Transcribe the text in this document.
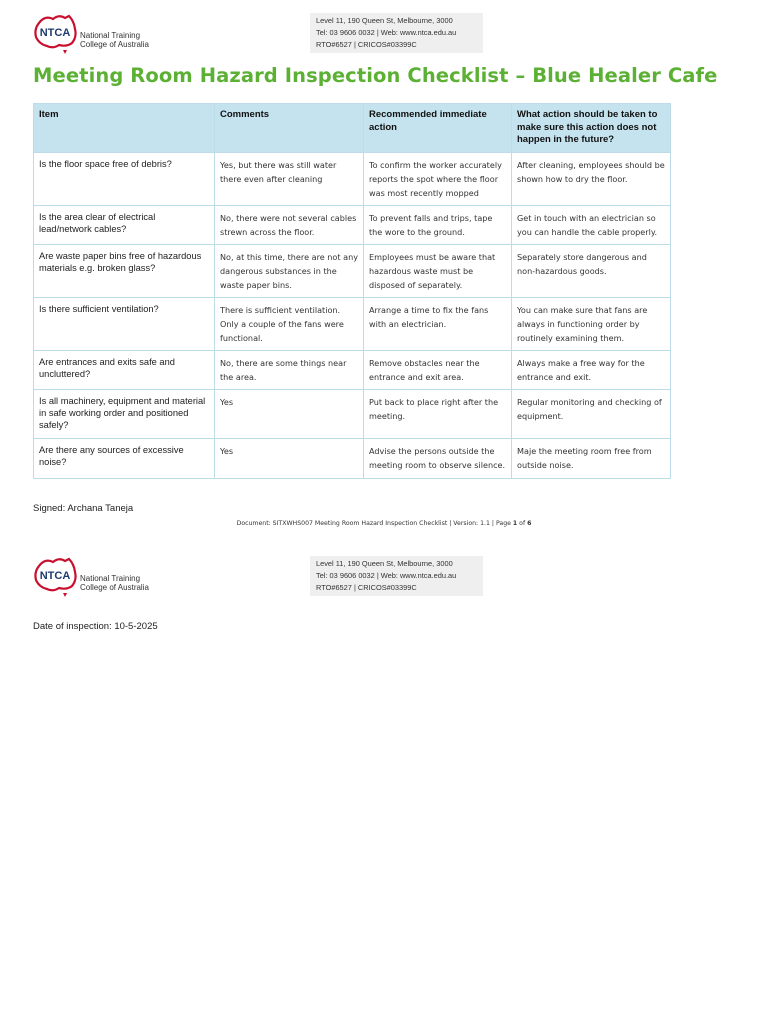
NTCA National Training
College of Australia
Level 11, 190 Queen St, Melbourne, 3000
Tel: 03 9606 0032 | Web: www.ntca.edu.au
RTO#6527 | CRICOS#03399C
Meeting Room Hazard Inspection Checklist – Blue Healer Cafe
Item	Comments	Recommended immediate action	What action should be taken to make sure this action does not happen in the future?
Is the floor space free of debris?	Yes, but there was still water there even after cleaning	To confirm the worker accurately reports the spot where the floor was most recently mopped	After cleaning, employees should be shown how to dry the floor.
Is the area clear of electrical lead/network cables?	No, there were not several cables strewn across the floor.	To prevent falls and trips, tape the wore to the ground.	Get in touch with an electrician so you can handle the cable properly.
Are waste paper bins free of hazardous materials e.g. broken glass?	No, at this time, there are not any dangerous substances in the waste paper bins.	Employees must be aware that hazardous waste must be disposed of separately.	Separately store dangerous and non-hazardous goods.
Is there sufficient ventilation?	There is sufficient ventilation. Only a couple of the fans were functional.	Arrange a time to fix the fans with an electrician.	You can make sure that fans are always in functioning order by routinely examining them.
Are entrances and exits safe and uncluttered?	No, there are some things near the area.	Remove obstacles near the entrance and exit area.	Always make a free way for the entrance and exit.
Is all machinery, equipment and material in safe working order and positioned safely?	Yes	Put back to place right after the meeting.	Regular monitoring and checking of equipment.
Are there any sources of excessive noise?	Yes	Advise the persons outside the meeting room to observe silence.	Maje the meeting room free from outside noise.
Signed: Archana Taneja
Document: SITXWHS007 Meeting Room Hazard Inspection Checklist | Version: 1.1 | Page 1 of 6
NTCA National Training
College of Australia
Level 11, 190 Queen St, Melbourne, 3000
Tel: 03 9606 0032 | Web: www.ntca.edu.au
RTO#6527 | CRICOS#03399C
Date of inspection: 10-5-2025
